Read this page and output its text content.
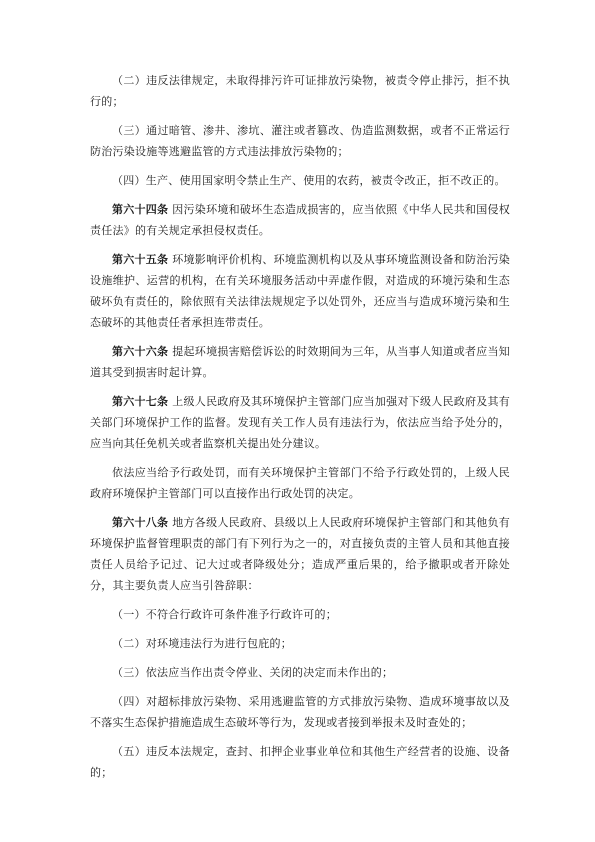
（二）违反法律规定，未取得排污许可证排放污染物，被责令停止排污，拒不执行的；

（三）通过暗管、渗井、渗坑、灌注或者篡改、伪造监测数据，或者不正常运行防治污染设施等逃避监管的方式违法排放污染物的；

（四）生产、使用国家明令禁止生产、使用的农药，被责令改正，拒不改正的。

第六十四条 因污染环境和破坏生态造成损害的，应当依照《中华人民共和国侵权责任法》的有关规定承担侵权责任。

第六十五条 环境影响评价机构、环境监测机构以及从事环境监测设备和防治污染设施维护、运营的机构，在有关环境服务活动中弄虚作假，对造成的环境污染和生态破坏负有责任的，除依照有关法律法规规定予以处罚外，还应当与造成环境污染和生态破坏的其他责任者承担连带责任。

第六十六条 提起环境损害赔偿诉讼的时效期间为三年，从当事人知道或者应当知道其受到损害时起计算。

第六十七条 上级人民政府及其环境保护主管部门应当加强对下级人民政府及其有关部门环境保护工作的监督。发现有关工作人员有违法行为，依法应当给予处分的，应当向其任免机关或者监察机关提出处分建议。

依法应当给予行政处罚，而有关环境保护主管部门不给予行政处罚的，上级人民政府环境保护主管部门可以直接作出行政处罚的决定。

第六十八条 地方各级人民政府、县级以上人民政府环境保护主管部门和其他负有环境保护监督管理职责的部门有下列行为之一的，对直接负责的主管人员和其他直接责任人员给予记过、记大过或者降级处分；造成严重后果的，给予撤职或者开除处分，其主要负责人应当引咎辞职：

（一）不符合行政许可条件准予行政许可的；

（二）对环境违法行为进行包庇的；

（三）依法应当作出责令停业、关闭的决定而未作出的；

（四）对超标排放污染物、采用逃避监管的方式排放污染物、造成环境事故以及不落实生态保护措施造成生态破坏等行为，发现或者接到举报未及时查处的；

（五）违反本法规定，查封、扣押企业事业单位和其他生产经营者的设施、设备的；
